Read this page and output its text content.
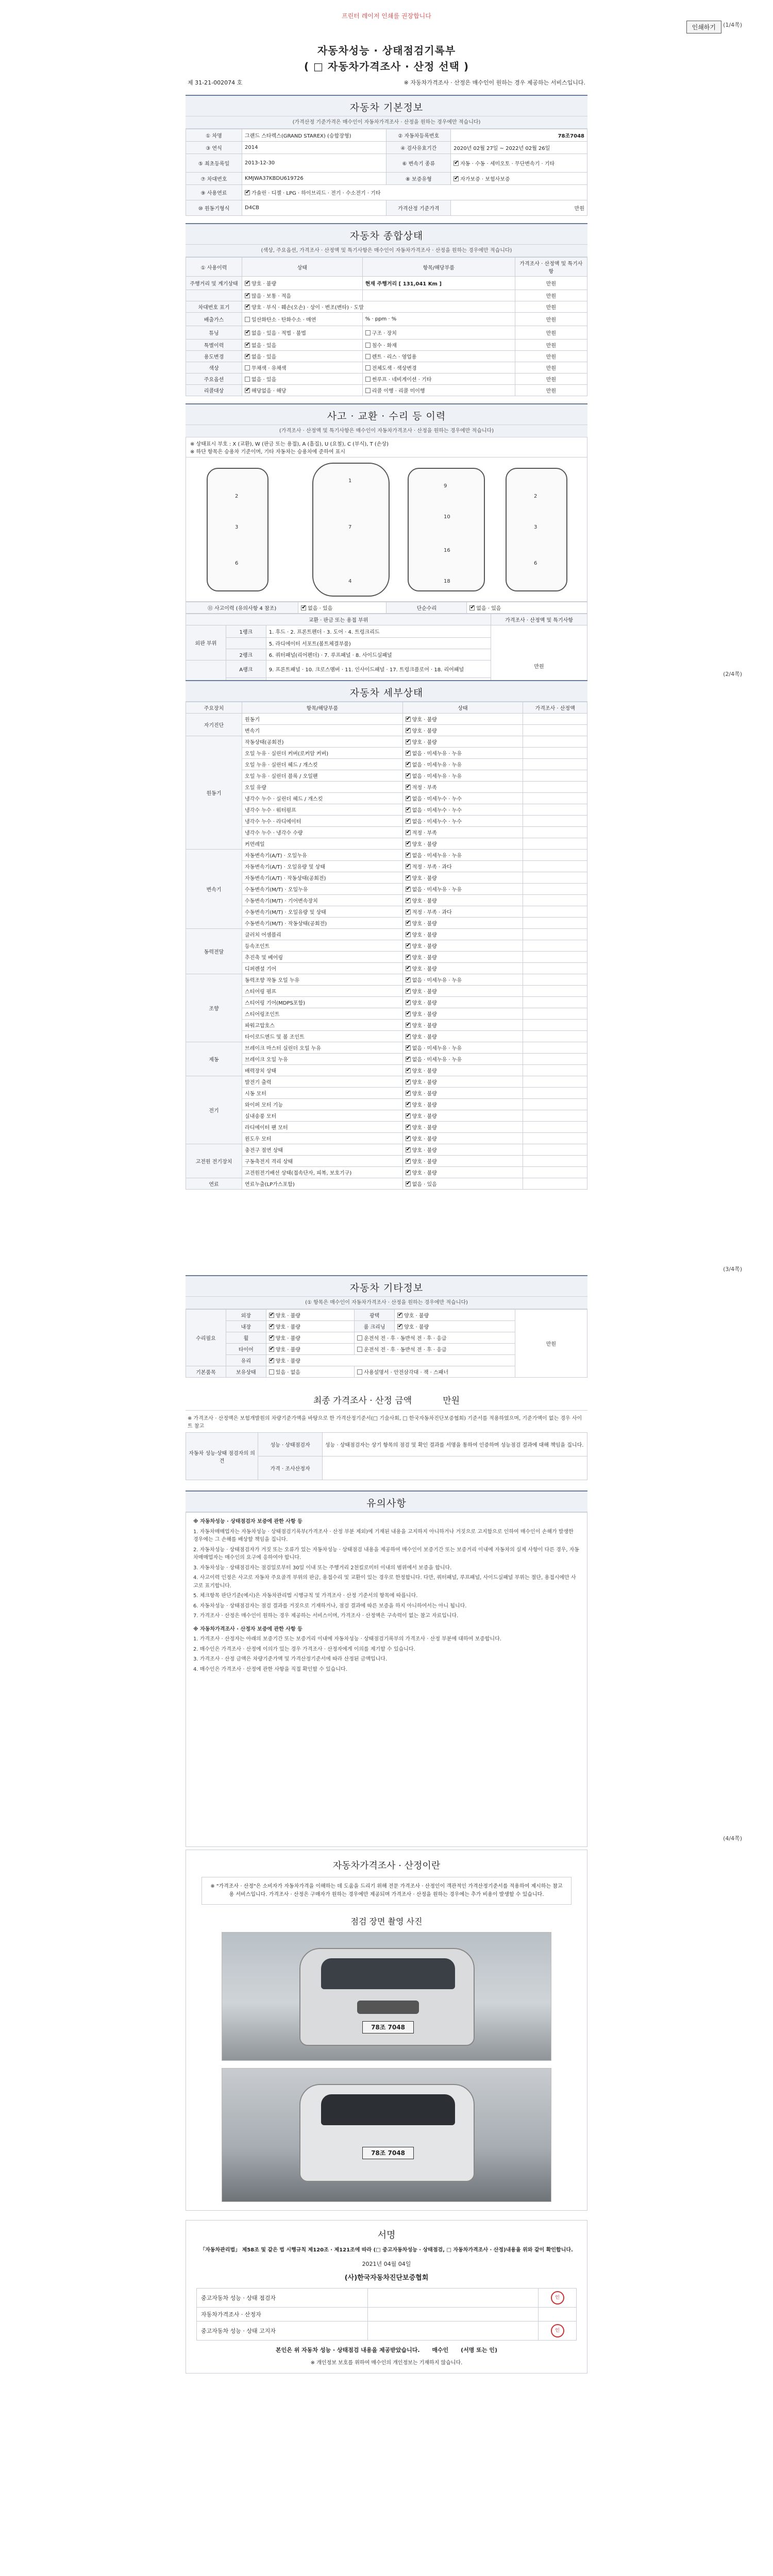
프린터 레이저 인쇄를 권장합니다
인쇄하기	(1/4쪽)
자동차성능 · 상태점검기록부
( □ 자동차가격조사 · 산정 선택 )
제 31-21-002074 호	※ 자동차가격조사 · 산정은 매수인이 원하는 경우 제공하는 서비스입니다.
자동차 기본정보
(가격산정 기준가격은 매수인이 자동차가격조사 · 산정을 원하는 경우에만 적습니다)
① 차명	그랜드 스타렉스(GRAND STAREX) (승합장형)	② 자동차등록번호	78조7048
③ 연식	2014	④ 검사유효기간	2020년 02월 27일 ~ 2022년 02월 26일
⑤ 최초등록일	2013-12-30	⑥ 변속기 종류	✔자동 · 수동 · 세미오토 · 무단변속기 · 기타
⑦ 차대번호	KMJWA37KBDU619726	⑧ 보증유형	✔자가보증 · 보험사보증
⑨ 사용연료	✔가솔린 · 디젤 · LPG · 하이브리드 · 전기 · 수소전기 · 기타
⑩ 원동기형식	D4CB	가격산정 기준가격	만원
자동차 종합상태
(색상, 주요옵션, 가격조사 · 산정액 및 특기사항은 매수인이 자동차가격조사 · 산정을 원하는 경우에만 적습니다)
① 사용이력	상태	항목/해당부품	가격조사 · 산정액 및 특기사항
주행거리 및 계기상태	✔양호 · 불량	현재 주행거리 [ 131,041 Km ]	만원
	✔많음 · 보통 · 적음		만원
차대번호 표기	✔양호 · 부식 · 훼손(오손) · 상이 · 변조(변타) · 도말		만원
배출가스	일산화탄소 · 탄화수소 · 매연	% · ppm · %	만원
튜닝	✔없음 · 있음 · 적법 · 불법	구조 · 장치	만원
특별이력	✔없음 · 있음	침수 · 화재	만원
용도변경	✔없음 · 있음	렌트 · 리스 · 영업용	만원
색상	무채색 · 유채색	전체도색 · 색상변경	만원
주요옵션	없음 · 있음	썬루프 · 네비게이션 · 기타	만원
리콜대상	✔해당없음 · 해당	리콜 이행 · 리콜 미이행	만원
사고 · 교환 · 수리 등 이력
(가격조사 · 산정액 및 특기사항은 매수인이 자동차가격조사 · 산정을 원하는 경우에만 적습니다)
※ 상태표시 부호 : X (교환), W (판금 또는 용접), A (흠집), U (요철), C (부식), T (손상)
※ 하단 항목은 승용차 기준이며, 기타 자동차는 승용차에 준하여 표시
2
3
6
1
7
4
9
10
16
18
2
3
6
⑪ 사고이력 (유의사항 4 참조)	✔없음 · 있음	단순수리	✔없음 · 있음
교환 · 판금 또는 용접 부위			가격조사 · 산정액 및 특기사항
외판 부위	1랭크	1. 후드 · 2. 프론트펜더 · 3. 도어 · 4. 트렁크리드	만원
		5. 라디에이터 서포트(볼트체결부품)	
	2랭크	6. 쿼터패널(리어펜더) · 7. 루프패널 · 8. 사이드실패널	
	A랭크	9. 프론트패널 · 10. 크로스멤버 · 11. 인사이드패널 · 17. 트렁크플로어 · 18. 리어패널	

(2/4쪽)
자동차 세부상태
주요장치	항목/해당부품	상태	가격조사 · 산정액
자기진단	원동기	✔양호 · 불량	
	변속기	✔양호 · 불량	
원동기	작동상태(공회전)	✔양호 · 불량	
	오일 누유 · 실린더 커버(로커암 커버)	✔없음 · 미세누유 · 누유	
	오일 누유 · 실린더 헤드 / 개스킷	✔없음 · 미세누유 · 누유	
	오일 누유 · 실린더 블록 / 오일팬	✔없음 · 미세누유 · 누유	
	오일 유량	✔적정 · 부족	
	냉각수 누수 · 실린더 헤드 / 개스킷	✔없음 · 미세누수 · 누수	
	냉각수 누수 · 워터펌프	✔없음 · 미세누수 · 누수	
	냉각수 누수 · 라디에이터	✔없음 · 미세누수 · 누수	
	냉각수 누수 · 냉각수 수량	✔적정 · 부족	
	커먼레일	✔양호 · 불량	
변속기	자동변속기(A/T) · 오일누유	✔없음 · 미세누유 · 누유	
	자동변속기(A/T) · 오일유량 및 상태	✔적정 · 부족 · 과다	
	자동변속기(A/T) · 작동상태(공회전)	✔양호 · 불량	
	수동변속기(M/T) · 오일누유	✔없음 · 미세누유 · 누유	
	수동변속기(M/T) · 기어변속장치	✔양호 · 불량	
	수동변속기(M/T) · 오일유량 및 상태	✔적정 · 부족 · 과다	
	수동변속기(M/T) · 작동상태(공회전)	✔양호 · 불량	
동력전달	클러치 어셈블리	✔양호 · 불량	
	등속조인트	✔양호 · 불량	
	추진축 및 베어링	✔양호 · 불량	
	디퍼렌셜 기어	✔양호 · 불량	
조향	동력조향 작동 오일 누유	✔없음 · 미세누유 · 누유	
	스티어링 펌프	✔양호 · 불량	
	스티어링 기어(MDPS포함)	✔양호 · 불량	
	스티어링조인트	✔양호 · 불량	
	파워고압호스	✔양호 · 불량	
	타이로드엔드 및 볼 조인트	✔양호 · 불량	
제동	브레이크 마스터 실린더 오일 누유	✔없음 · 미세누유 · 누유	
	브레이크 오일 누유	✔없음 · 미세누유 · 누유	
	배력장치 상태	✔양호 · 불량	
전기	발전기 출력	✔양호 · 불량	
	시동 모터	✔양호 · 불량	
	와이퍼 모터 기능	✔양호 · 불량	
	실내송풍 모터	✔양호 · 불량	
	라디에이터 팬 모터	✔양호 · 불량	
	윈도우 모터	✔양호 · 불량	
고전원 전기장치	충전구 절연 상태	✔양호 · 불량	
	구동축전지 격리 상태	✔양호 · 불량	
	고전원전기배선 상태(접속단자, 피복, 보호기구)	✔양호 · 불량	
연료	연료누출(LP가스포함)	✔없음 · 있음	
(3/4쪽)
자동차 기타정보
(① 항목은 매수인이 자동차가격조사 · 산정을 원하는 경우에만 적습니다)
수리필요	외장	✔양호 · 불량	광택	✔양호 · 불량	만원
	내장	✔양호 · 불량	룸 크리닝	✔양호 · 불량
	휠	✔양호 · 불량	운전석 전 · 후 · 동반석 전 · 후 · 응급		
	타이어	✔양호 · 불량	운전석 전 · 후 · 동반석 전 · 후 · 응급		
	유리	✔양호 · 불량
기본품목	보유상태	있음 · 없음	사용설명서 · 안전삼각대 · 잭 · 스패너		
최종 가격조사 · 산정 금액	만원
※ 가격조사 · 산정액은 보험개발원의 차량기준가액을 바탕으로 한 가격산정기준서(□ 기술사회, □ 한국자동차진단보증협회) 기준서를 적용하였으며, 기준가액이 없는 경우 사이트 참고
자동차 성능·상태 점검자의 의견	성능 · 상태점검자	성능 · 상태점검자는 상기 항목의 점검 및 확인 결과를 서명을 통하여 인증하며 성능점검 결과에 대해 책임을 집니다.
	가격 · 조사산정자	
유의사항

※ 자동차성능 · 상태점검자 보증에 관한 사항 등

1. 자동차매매업자는 자동차성능 · 상태점검기록부(가격조사 · 산정 부분 제외)에 기재된 내용을 고지하지 아니하거나 거짓으로 고지함으로 인하여 매수인이 손해가 발생한 경우에는 그 손해를 배상할 책임을 집니다.

2. 자동차성능 · 상태점검자가 거짓 또는 오류가 있는 자동차성능 · 상태점검 내용을 제공하여 매수인이 보증기간 또는 보증거리 이내에 자동차의 실제 사항이 다른 경우, 자동차매매업자는 매수인의 요구에 응하여야 합니다.

3. 자동차성능 · 상태점검자는 점검일로부터 30일 이내 또는 주행거리 2천킬로미터 이내의 범위에서 보증을 합니다.

4. 사고이력 인정은 사고로 자동차 주요골격 부위의 판금, 용접수리 및 교환이 있는 경우로 한정합니다. 다만, 쿼터패널, 루프패널, 사이드실패널 부위는 절단, 용접시에만 사고로 표기합니다.

5. 체크항목 판단기준(예시)은 자동차관리법 시행규칙 및 가격조사 · 산정 기준서의 항목에 따릅니다.

6. 자동차성능 · 상태점검자는 점검 결과를 거짓으로 기재하거나, 점검 결과에 따른 보증을 하지 아니하여서는 아니 됩니다.

7. 가격조사 · 산정은 매수인이 원하는 경우 제공하는 서비스이며, 가격조사 · 산정액은 구속력이 없는 참고 자료입니다.

※ 자동차가격조사 · 산정자 보증에 관한 사항 등

1. 가격조사 · 산정자는 아래의 보증기간 또는 보증거리 이내에 자동차성능 · 상태점검기록부의 가격조사 · 산정 부분에 대하여 보증합니다.

2. 매수인은 가격조사 · 산정에 이의가 있는 경우 가격조사 · 산정자에게 이의를 제기할 수 있습니다.

3. 가격조사 · 산정 금액은 차량기준가액 및 가격산정기준서에 따라 산정된 금액입니다.

4. 매수인은 가격조사 · 산정에 관한 사항을 직접 확인할 수 있습니다.

(4/4쪽)
자동차가격조사 · 산정이란
※ "가격조사 · 산정"은 소비자가 자동차가격을 이해하는 데 도움을 드리기 위해 전문 가격조사 · 산정인이 객관적인 가격산정기준서를 적용하여 제시하는 참고용 서비스입니다. 가격조사 · 산정은 구매자가 원하는 경우에만 제공되며 가격조사 · 산정을 원하는 경우에는 추가 비용이 발생할 수 있습니다.
점검 장면 촬영 사진
78조 7048
78조 7048
서명
「자동차관리법」 제58조 및 같은 법 시행규칙 제120조 · 제121조에 따라 (□ 중고자동차성능 · 상태점검, □ 자동차가격조사 · 산정)내용을 위와 같이 확인합니다.
2021년 04월 04일
(사)한국자동차진단보증협회
중고자동차 성능 · 상태 점검자		인
자동차가격조사 · 산정자		
중고자동차 성능 · 상태 고지자		인
본인은 위 자동차 성능 · 상태점검 내용을 제공받았습니다. 매수인 (서명 또는 인)
※ 개인정보 보호를 위하여 매수인의 개인정보는 기재하지 않습니다.
